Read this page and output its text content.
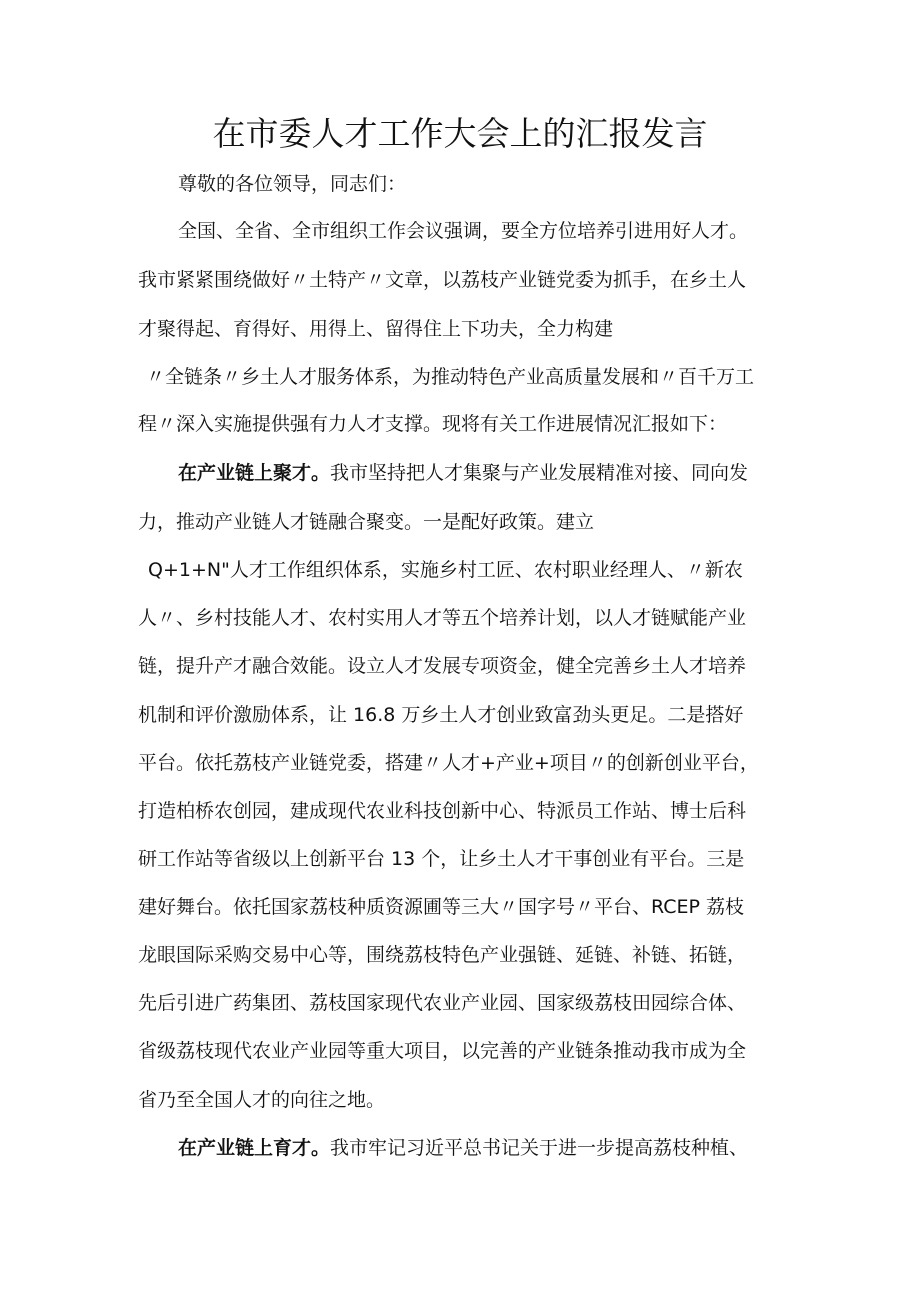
在市委人才工作大会上的汇报发言
尊敬的各位领导，同志们：
全国、全省、全市组织工作会议强调，要全方位培养引进用好人才。
我市紧紧围绕做好〃土特产〃文章，以荔枝产业链党委为抓手，在乡土人
才聚得起、育得好、用得上、留得住上下功夫，全力构建
〃全链条〃乡土人才服务体系，为推动特色产业高质量发展和〃百千万工
程〃深入实施提供强有力人才支撑。现将有关工作进展情况汇报如下：
在产业链上聚才。我市坚持把人才集聚与产业发展精准对接、同向发
力，推动产业链人才链融合聚变。一是配好政策。建立
Q+1+N"人才工作组织体系，实施乡村工匠、农村职业经理人、〃新农
人〃、乡村技能人才、农村实用人才等五个培养计划，以人才链赋能产业
链，提升产才融合效能。设立人才发展专项资金，健全完善乡土人才培养
机制和评价激励体系，让 16.8 万乡土人才创业致富劲头更足。二是搭好
平台。依托荔枝产业链党委，搭建〃人才+产业+项目〃的创新创业平台，
打造柏桥农创园，建成现代农业科技创新中心、特派员工作站、博士后科
研工作站等省级以上创新平台 13 个，让乡土人才干事创业有平台。三是
建好舞台。依托国家荔枝种质资源圃等三大〃国字号〃平台、RCEP 荔枝
龙眼国际采购交易中心等，围绕荔枝特色产业强链、延链、补链、拓链，
先后引进广药集团、荔枝国家现代农业产业园、国家级荔枝田园综合体、
省级荔枝现代农业产业园等重大项目，以完善的产业链条推动我市成为全
省乃至全国人才的向往之地。
在产业链上育才。我市牢记习近平总书记关于进一步提高荔枝种植、
